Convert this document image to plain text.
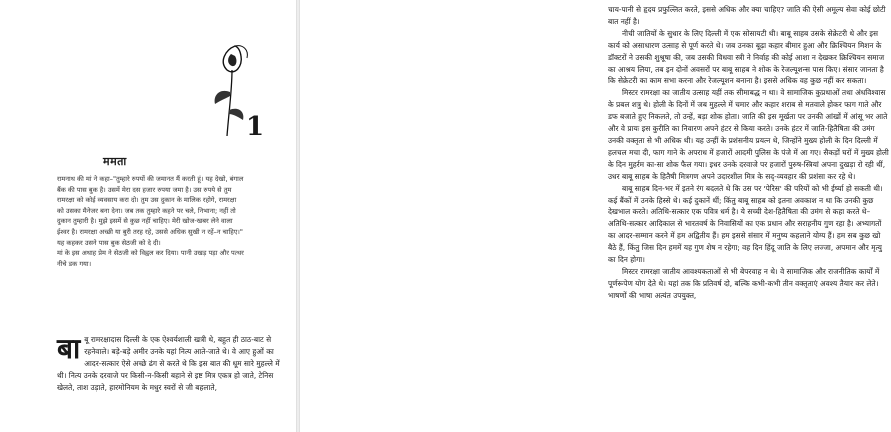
1
ममता

रामनाथ की मां ने कहा–"तुम्हारे रुपयों की जमानत मैं करती हूं। यह देखो, बंगाल बैंक की पास बुक है। उसमें मेरा दस हजार रुपया जमा है। उस रुपये से तुम रामरक्षा को कोई व्यवसाय करा दो। तुम उस दुकान के मालिक रहोगे, रामरक्षा को उसका मैनेजर बना देना। जब तक तुम्हारे कहने पर चले, निभाना; नहीं तो दुकान तुम्हारी है। मुझे इसमें से कुछ नहीं चाहिए। मेरी खोज-खबर लेने वाला ईश्वर है। रामरक्षा अच्छी या बुरी तरह रहे, उससे अधिक सुखी न रहें–न चाहिए।" यह कहकर उसने पास बुक सेठजी को दे दी।

मां के इस अथाह प्रेम ने सेठजी को विह्वल कर दिया। पानी उखड़ पड़ा और पत्थर नीचे डक गया।

बाबू रामरक्षादास दिल्ली के एक ऐश्वर्यशाली खत्री थे, बहुत ही ठाठ-बाट से रहनेवाले। बड़े-बड़े अमीर उनके यहां नित्य आते-जाते थे। वे आए हुओं का आदर-सत्कार ऐसे अच्छे ढंग से करते थे कि इस बात की धूम सारे मुहल्ले में थी। नित्य उनके दरवाजे पर किसी-न-किसी बहाने से इष्ट मित्र एकत्र हो जाते, टेनिस खेलते, ताश उड़ाते, हारमोनियम के मधुर स्वरों से जी बहलाते,

चाय-पानी से हृदय प्रफुल्लित करते, इससे अधिक और क्या चाहिए? जाति की ऐसी अमूल्य सेवा कोई छोटी बात नहीं है।

नीची जातियों के सुधार के लिए दिल्ली में एक सोसायटी थी। बाबू साहब उसके सेक्रेटरी थे और इस कार्य को असाधारण उत्साह से पूर्ण करते थे। जब उनका बूढ़ा कहार बीमार हुआ और क्रिश्चियन मिशन के डॉक्टरों ने उसकी शुश्रूषा की, जब उसकी विधवा स्त्री ने निर्वाह की कोई आशा न देखकर क्रिश्चियन समाज का आश्रय लिया, तब इन दोनों अवसरों पर बाबू साहब ने शोक के रेजल्यूशन्स पास किए। संसार जानता है कि सेक्रेटरी का काम सभा करना और रेजल्यूशन बनाना है। इससे अधिक वह कुछ नहीं कर सकता।

मिस्टर रामरक्षा का जातीय उत्साह यहीं तक सीमाबद्ध न था। वे सामाजिक कुप्रथाओं तथा अंधविश्वास के प्रबल शत्रु थे। होली के दिनों में जब मुहल्ले में चमार और कहार शराब से मतवाले होकर फाग गाते और डफ बजाते हुए निकलते, तो उन्हें, बड़ा शोक होता। जाति की इस मूर्खता पर उनकी आंखों में आंसू भर आते और वे प्रायः इस कुरीति का निवारण अपने हंटर से किया करते। उनके हंटर में जाति-हितैषिता की उमंग उनकी वक्तृता से भी अधिक थी। यह उन्हीं के प्रशंसनीय प्रयत्न थे, जिन्होंने मुख्य होली के दिन दिल्ली में हलचल मचा दी, फाग गाने के अपराध में हजारों आदमी पुलिस के पंजे में आ गए। सैकड़ों घरों में मुख्य होली के दिन मुहर्रम का-सा शोक फैल गया। इधर उनके दरवाजे पर हजारों पुरुष-स्त्रियां अपना दुखड़ा रो रही थीं, उधर बाबू साहब के हितैषी मित्रगण अपने उदारशील मित्र के सद्-व्यवहार की प्रशंसा कर रहे थे।

बाबू साहब दिन-भर में इतने रंग बदलते थे कि उस पर 'पेरिस' की परियों को भी ईर्ष्या हो सकती थी। कई बैंकों में उनके हिस्से थे। कई दुकानें थीं; किंतु बाबू साहब को इतना अवकाश न था कि उनकी कुछ देखभाल करते। अतिथि-सत्कार एक पवित्र धर्म है। ये सच्ची देश-हितैषिता की उमंग से कहा करते थे–अतिथि-सत्कार आदिकाल से भारतवर्ष के निवासियों का एक प्रधान और सराहनीय गुण रहा है। अभ्यागतों का आदर-सम्मान करने में हम अद्वितीय हैं। हम इससे संसार में मनुष्य कहलाने योग्य हैं। हम सब कुछ खो बैठे हैं, किंतु जिस दिन हममें यह गुण शेष न रहेगा; वह दिन हिंदू जाति के लिए लज्जा, अपमान और मृत्यु का दिन होगा।

मिस्टर रामरक्षा जातीय आवश्यकताओं से भी बेपरवाह न थे। वे सामाजिक और राजनीतिक कार्यों में पूर्णरूपेण योग देते थे। यहां तक कि प्रतिवर्ष दो, बल्कि कभी-कभी तीन वक्तृताएं अवश्य तैयार कर लेते। भाषणों की भाषा अत्यंत उपयुक्त,
